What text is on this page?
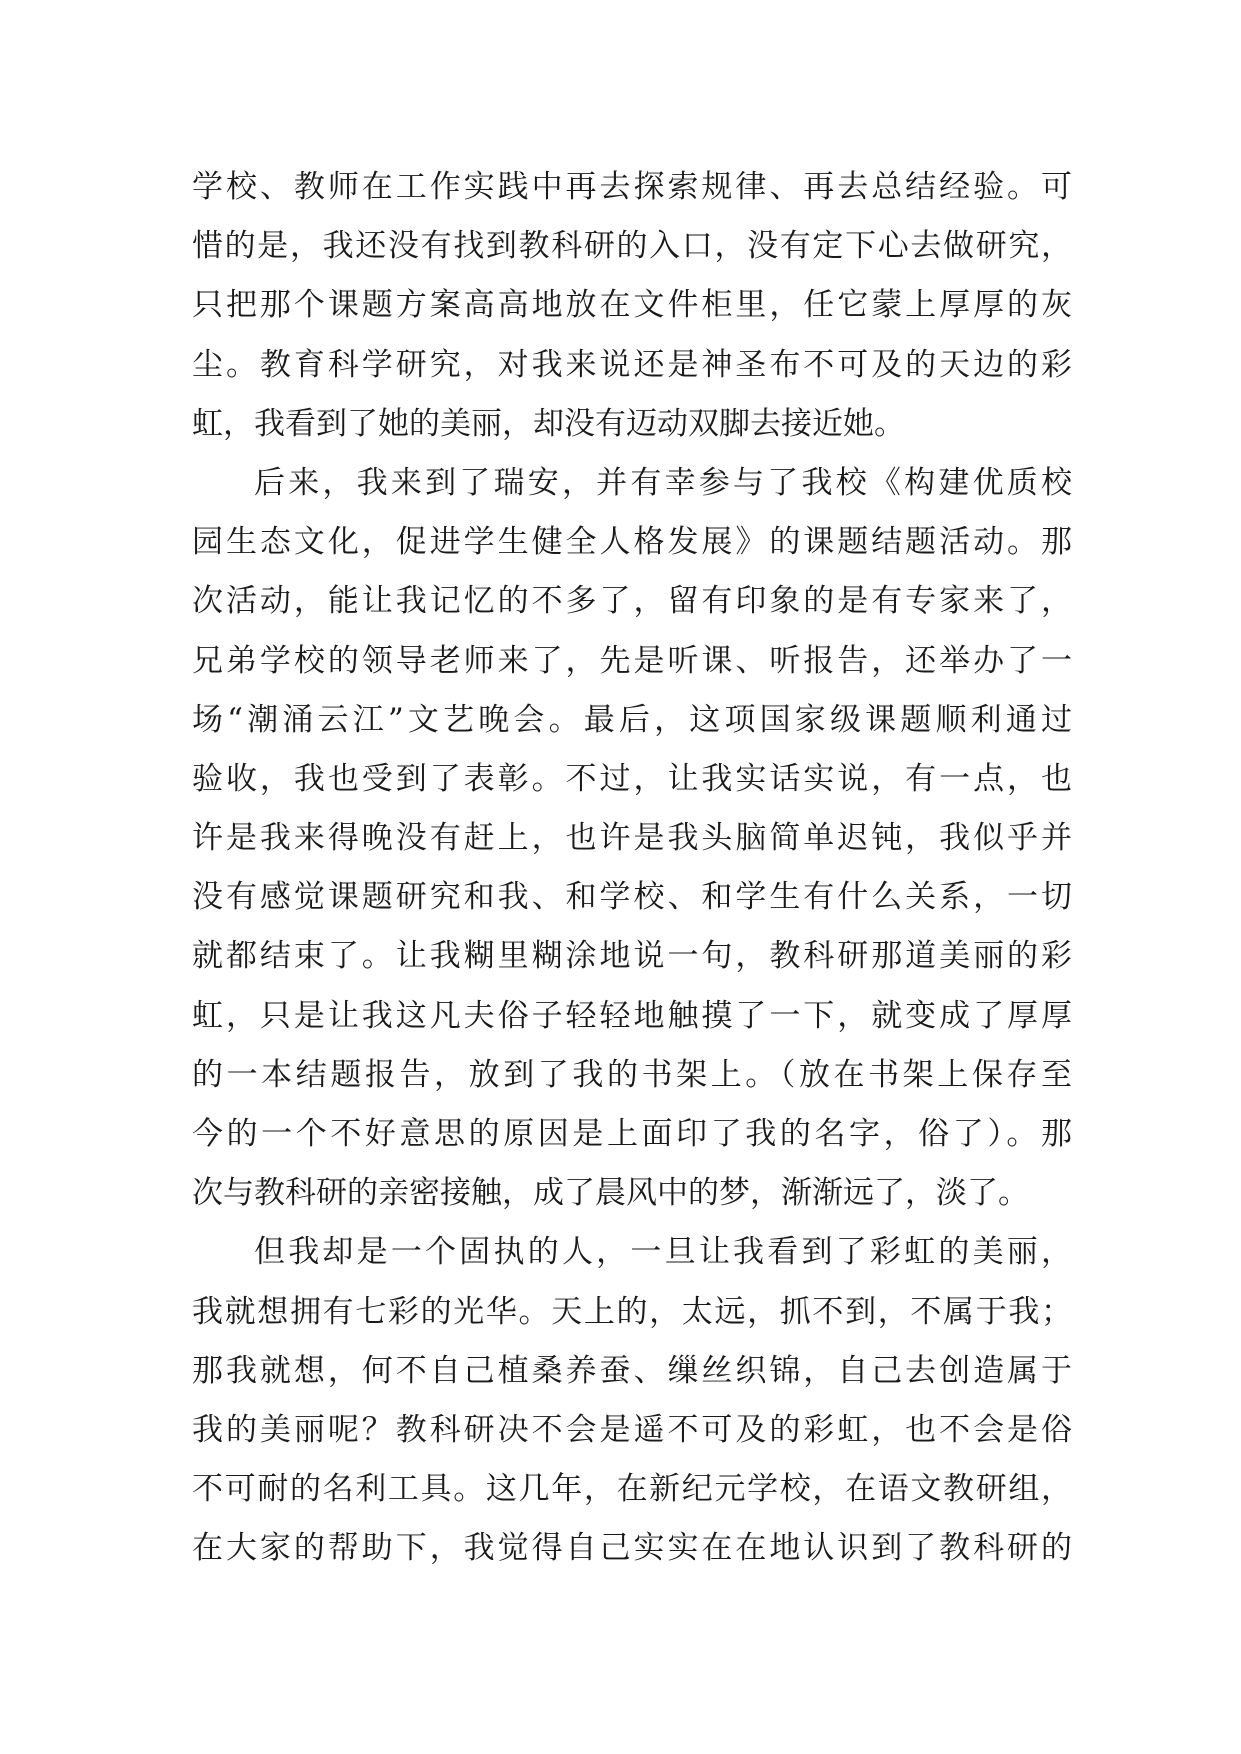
学校、教师在工作实践中再去探索规律、再去总结经验。可
惜的是，我还没有找到教科研的入口，没有定下心去做研究，
只把那个课题方案高高地放在文件柜里，任它蒙上厚厚的灰
尘。教育科学研究，对我来说还是神圣布不可及的天边的彩
虹，我看到了她的美丽，却没有迈动双脚去接近她。
后来，我来到了瑞安，并有幸参与了我校《构建优质校
园生态文化，促进学生健全人格发展》的课题结题活动。那
次活动，能让我记忆的不多了，留有印象的是有专家来了，
兄弟学校的领导老师来了，先是听课、听报告，还举办了一
场“潮涌云江”文艺晚会。最后，这项国家级课题顺利通过
验收，我也受到了表彰。不过，让我实话实说，有一点，也
许是我来得晚没有赶上，也许是我头脑简单迟钝，我似乎并
没有感觉课题研究和我、和学校、和学生有什么关系，一切
就都结束了。让我糊里糊涂地说一句，教科研那道美丽的彩
虹，只是让我这凡夫俗子轻轻地触摸了一下，就变成了厚厚
的一本结题报告，放到了我的书架上。（放在书架上保存至
今的一个不好意思的原因是上面印了我的名字，俗了）。那
次与教科研的亲密接触，成了晨风中的梦，渐渐远了，淡了。
但我却是一个固执的人，一旦让我看到了彩虹的美丽，
我就想拥有七彩的光华。天上的，太远，抓不到，不属于我；
那我就想，何不自己植桑养蚕、缫丝织锦，自己去创造属于
我的美丽呢？教科研决不会是遥不可及的彩虹，也不会是俗
不可耐的名利工具。这几年，在新纪元学校，在语文教研组，
在大家的帮助下，我觉得自己实实在在地认识到了教科研的
